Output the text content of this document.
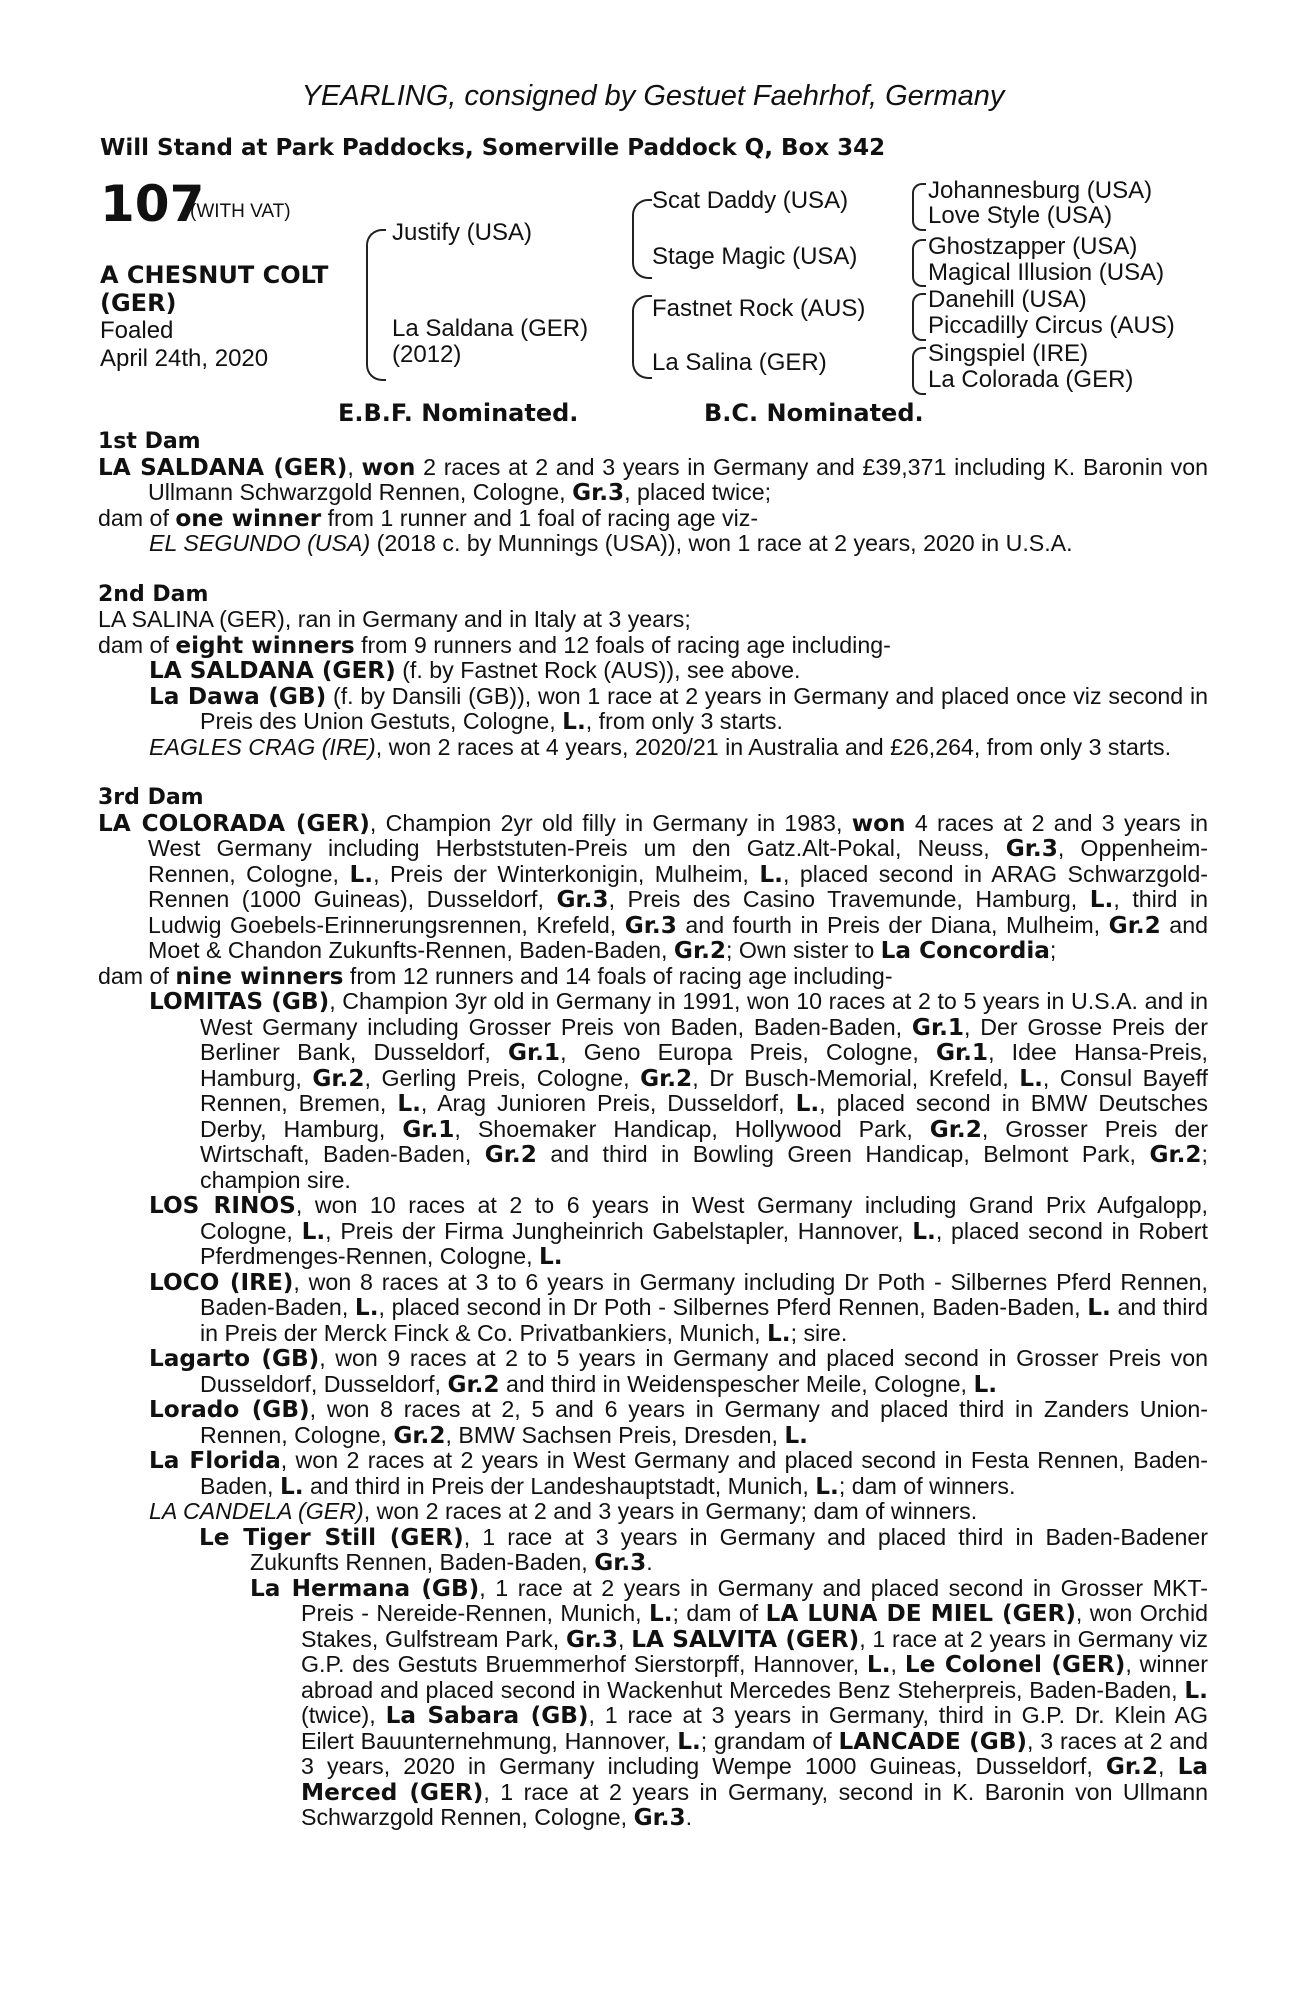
YEARLING, consigned by Gestuet Faehrhof, Germany
Will Stand at Park Paddocks, Somerville Paddock Q, Box 342
107
(WITH VAT)
A CHESNUT COLT
(GER)
Foaled
April 24th, 2020
Justify (USA)
La Saldana (GER)
(2012)
Scat Daddy (USA)
Stage Magic (USA)
Fastnet Rock (AUS)
La Salina (GER)
Johannesburg (USA)
Love Style (USA)
Ghostzapper (USA)
Magical Illusion (USA)
Danehill (USA)
Piccadilly Circus (AUS)
Singspiel (IRE)
La Colorada (GER)
E.B.F. Nominated.	B.C. Nominated.
1st Dam
LA SALDANA (GER), won 2 races at 2 and 3 years in Germany and £39,371 including K. Baronin von Ullmann Schwarzgold Rennen, Cologne, Gr.3, placed twice;
dam of one winner from 1 runner and 1 foal of racing age viz-
EL SEGUNDO (USA) (2018 c. by Munnings (USA)), won 1 race at 2 years, 2020 in U.S.A.
2nd Dam
LA SALINA (GER), ran in Germany and in Italy at 3 years;
dam of eight winners from 9 runners and 12 foals of racing age including-
LA SALDANA (GER) (f. by Fastnet Rock (AUS)), see above.
La Dawa (GB) (f. by Dansili (GB)), won 1 race at 2 years in Germany and placed once viz second in Preis des Union Gestuts, Cologne, L., from only 3 starts.
EAGLES CRAG (IRE), won 2 races at 4 years, 2020/21 in Australia and £26,264, from only 3 starts.
3rd Dam
LA COLORADA (GER), Champion 2yr old filly in Germany in 1983, won 4 races at 2 and 3 years in West Germany including Herbststuten-Preis um den Gatz.Alt-Pokal, Neuss, Gr.3, Oppenheim-Rennen, Cologne, L., Preis der Winterkonigin, Mulheim, L., placed second in ARAG Schwarzgold-Rennen (1000 Guineas), Dusseldorf, Gr.3, Preis des Casino Travemunde, Hamburg, L., third in Ludwig Goebels-Erinnerungsrennen, Krefeld, Gr.3 and fourth in Preis der Diana, Mulheim, Gr.2 and Moet & Chandon Zukunfts-Rennen, Baden-Baden, Gr.2; Own sister to La Concordia;
dam of nine winners from 12 runners and 14 foals of racing age including-
LOMITAS (GB), Champion 3yr old in Germany in 1991, won 10 races at 2 to 5 years in U.S.A. and in West Germany including Grosser Preis von Baden, Baden-Baden, Gr.1, Der Grosse Preis der Berliner Bank, Dusseldorf, Gr.1, Geno Europa Preis, Cologne, Gr.1, Idee Hansa-Preis, Hamburg, Gr.2, Gerling Preis, Cologne, Gr.2, Dr Busch-Memorial, Krefeld, L., Consul Bayeff Rennen, Bremen, L., Arag Junioren Preis, Dusseldorf, L., placed second in BMW Deutsches Derby, Hamburg, Gr.1, Shoemaker Handicap, Hollywood Park, Gr.2, Grosser Preis der Wirtschaft, Baden-Baden, Gr.2 and third in Bowling Green Handicap, Belmont Park, Gr.2; champion sire.
LOS RINOS, won 10 races at 2 to 6 years in West Germany including Grand Prix Aufgalopp, Cologne, L., Preis der Firma Jungheinrich Gabelstapler, Hannover, L., placed second in Robert Pferdmenges-Rennen, Cologne, L.
LOCO (IRE), won 8 races at 3 to 6 years in Germany including Dr Poth - Silbernes Pferd Rennen, Baden-Baden, L., placed second in Dr Poth - Silbernes Pferd Rennen, Baden-Baden, L. and third in Preis der Merck Finck & Co. Privatbankiers, Munich, L.; sire.
Lagarto (GB), won 9 races at 2 to 5 years in Germany and placed second in Grosser Preis von Dusseldorf, Dusseldorf, Gr.2 and third in Weidenspescher Meile, Cologne, L.
Lorado (GB), won 8 races at 2, 5 and 6 years in Germany and placed third in Zanders Union-Rennen, Cologne, Gr.2, BMW Sachsen Preis, Dresden, L.
La Florida, won 2 races at 2 years in West Germany and placed second in Festa Rennen, Baden-Baden, L. and third in Preis der Landeshauptstadt, Munich, L.; dam of winners.
LA CANDELA (GER), won 2 races at 2 and 3 years in Germany; dam of winners.
Le Tiger Still (GER), 1 race at 3 years in Germany and placed third in Baden-Badener Zukunfts Rennen, Baden-Baden, Gr.3.
La Hermana (GB), 1 race at 2 years in Germany and placed second in Grosser MKT-Preis - Nereide-Rennen, Munich, L.; dam of LA LUNA DE MIEL (GER), won Orchid Stakes, Gulfstream Park, Gr.3, LA SALVITA (GER), 1 race at 2 years in Germany viz G.P. des Gestuts Bruemmerhof Sierstorpff, Hannover, L., Le Colonel (GER), winner abroad and placed second in Wackenhut Mercedes Benz Steherpreis, Baden-Baden, L. (twice), La Sabara (GB), 1 race at 3 years in Germany, third in G.P. Dr. Klein AG Eilert Bauunternehmung, Hannover, L.; grandam of LANCADE (GB), 3 races at 2 and 3 years, 2020 in Germany including Wempe 1000 Guineas, Dusseldorf, Gr.2, La Merced (GER), 1 race at 2 years in Germany, second in K. Baronin von Ullmann Schwarzgold Rennen, Cologne, Gr.3.
